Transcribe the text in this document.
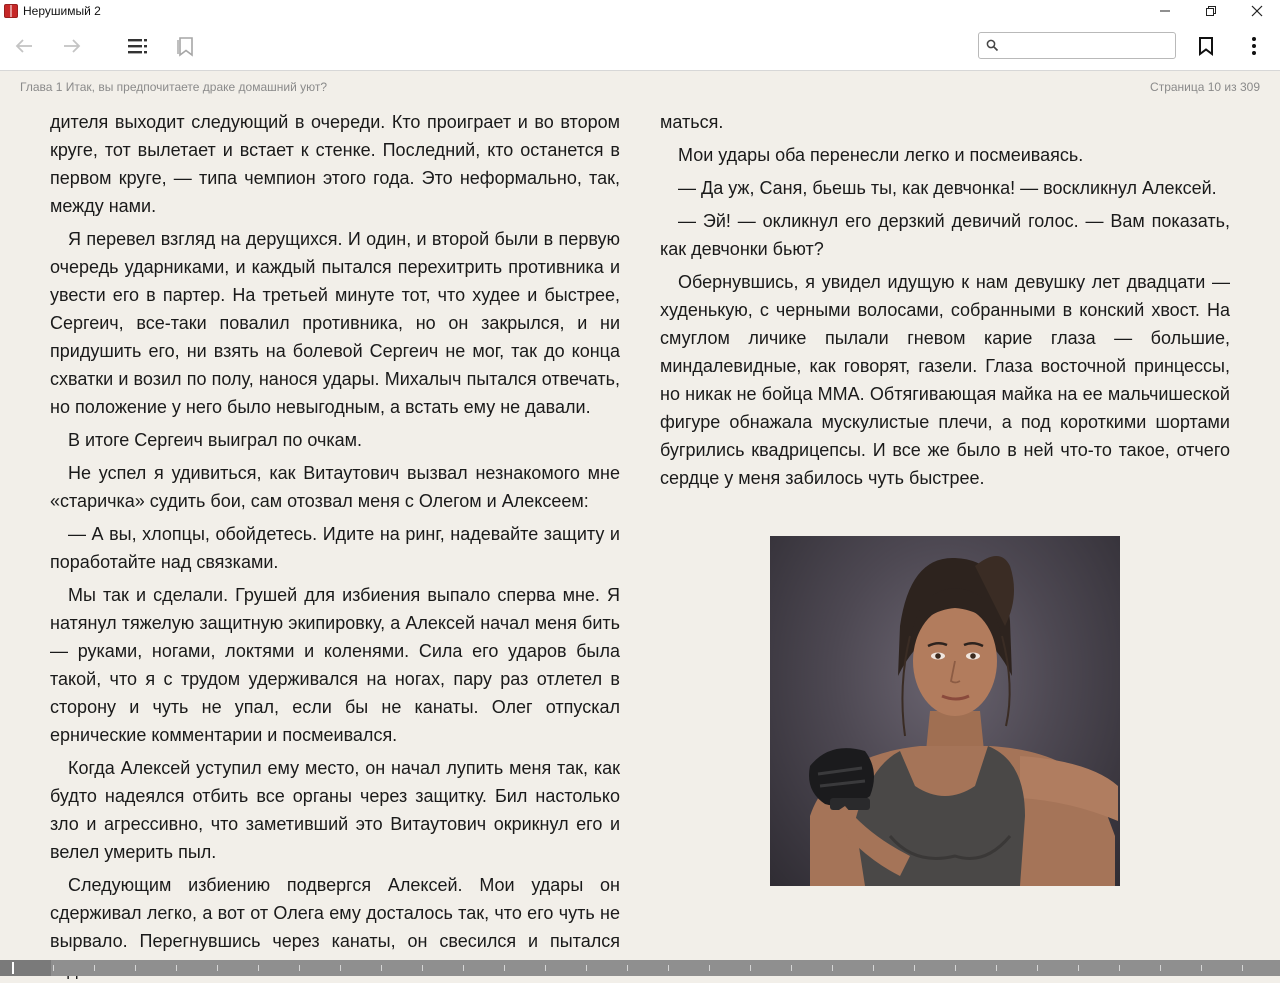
Нерушимый 2
Глава 1 Итак, вы предпочитаете драке домашний уют?	Страница 10 из 309

дителя выходит следующий в очереди. Кто проиграет и во втором круге, тот вылетает и встает к стенке. Последний, кто останется в первом круге, — типа чемпион этого года. Это неформально, так, между нами.

Я перевел взгляд на дерущихся. И один, и второй были в первую очередь ударниками, и каждый пытался перехитрить противника и увести его в партер. На третьей минуте тот, что худее и быстрее, Сергеич, все-таки повалил противника, но он закрылся, и ни придушить его, ни взять на болевой Сергеич не мог, так до конца схватки и возил по полу, нанося удары. Михалыч пытался отвечать, но положение у него было невыгодным, а встать ему не давали.

В итоге Сергеич выиграл по очкам.

Не успел я удивиться, как Витаутович вызвал незнакомого мне «старичка» судить бои, сам отозвал меня с Олегом и Алексеем:

— А вы, хлопцы, обойдетесь. Идите на ринг, надевайте защиту и поработайте над связками.

Мы так и сделали. Грушей для избиения выпало сперва мне. Я натянул тяжелую защитную экипировку, а Алексей начал меня бить — руками, ногами, локтями и коленями. Сила его ударов была такой, что я с трудом удерживался на ногах, пару раз отлетел в сторону и чуть не упал, если бы не канаты. Олег отпускал ернические комментарии и посмеивался.

Когда Алексей уступил ему место, он начал лупить меня так, как будто надеялся отбить все органы через защитку. Бил настолько зло и агрессивно, что заметивший это Витаутович окрикнул его и велел умерить пыл.

Следующим избиению подвергся Алексей. Мои удары он сдерживал легко, а вот от Олега ему досталось так, что его чуть не вырвало. Перегнувшись через канаты, он свесился и пытался

маться.

Мои удары оба перенесли легко и посмеиваясь.

— Да уж, Саня, бьешь ты, как девчонка! — воскликнул Алексей.

— Эй! — окликнул его дерзкий девичий голос. — Вам показать, как девчонки бьют?

Обернувшись, я увидел идущую к нам девушку лет двадцати — худенькую, с черными волосами, собранными в конский хвост. На смуглом личике пылали гневом карие глаза — большие, миндалевидные, как говорят, газели. Глаза восточной принцессы, но никак не бойца ММА. Обтягивающая майка на ее мальчишеской фигуре обнажала мускулистые плечи, а под короткими шортами бугрились квадрицепсы. И все же было в ней что-то такое, отчего сердце у меня забилось чуть быстрее.
